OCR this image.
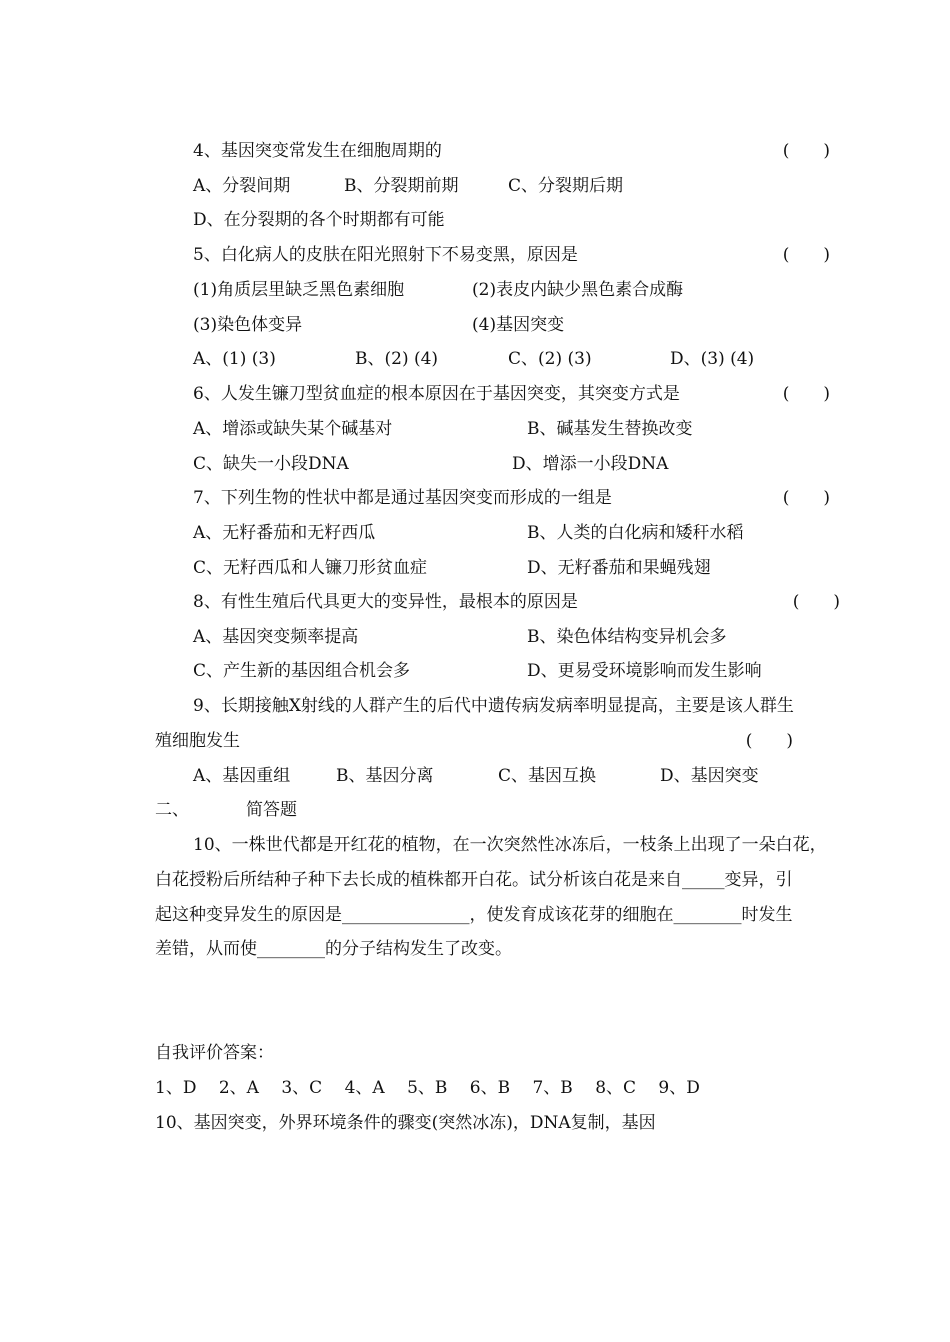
4、基因突变常发生在细胞周期的	(　　)
A、分裂间期	B、分裂期前期	C、分裂期后期
D、在分裂期的各个时期都有可能
5、白化病人的皮肤在阳光照射下不易变黑，原因是	(　　)
(1)角质层里缺乏黑色素细胞	(2)表皮内缺少黑色素合成酶
(3)染色体变异	(4)基因突变
A、(1) (3)	B、(2) (4)	C、(2) (3)	D、(3) (4)
6、人发生镰刀型贫血症的根本原因在于基因突变，其突变方式是	(　　)
A、增添或缺失某个碱基对	B、碱基发生替换改变
C、缺失一小段DNA	D、增添一小段DNA
7、下列生物的性状中都是通过基因突变而形成的一组是	(　　)
A、无籽番茄和无籽西瓜	B、人类的白化病和矮秆水稻
C、无籽西瓜和人镰刀形贫血症	D、无籽番茄和果蝇残翅
8、有性生殖后代具更大的变异性，最根本的原因是	(　　)
A、基因突变频率提高	B、染色体结构变异机会多
C、产生新的基因组合机会多	D、更易受环境影响而发生影响
9、长期接触X射线的人群产生的后代中遗传病发病率明显提高，主要是该人群生
殖细胞发生	(　　)
A、基因重组	B、基因分离	C、基因互换	D、基因突变
二、	简答题
10、一株世代都是开红花的植物，在一次突然性冰冻后，一枝条上出现了一朵白花，
白花授粉后所结种子种下去长成的植株都开白花。试分析该白花是来自_____变异，引
起这种变异发生的原因是_______________，使发育成该花芽的细胞在________时发生
差错，从而使________的分子结构发生了改变。
自我评价答案：
1、D　 2、A　 3、C　 4、A　 5、B　 6、B　 7、B　 8、C　 9、D
10、基因突变，外界环境条件的骤变(突然冰冻)，DNA复制，基因
